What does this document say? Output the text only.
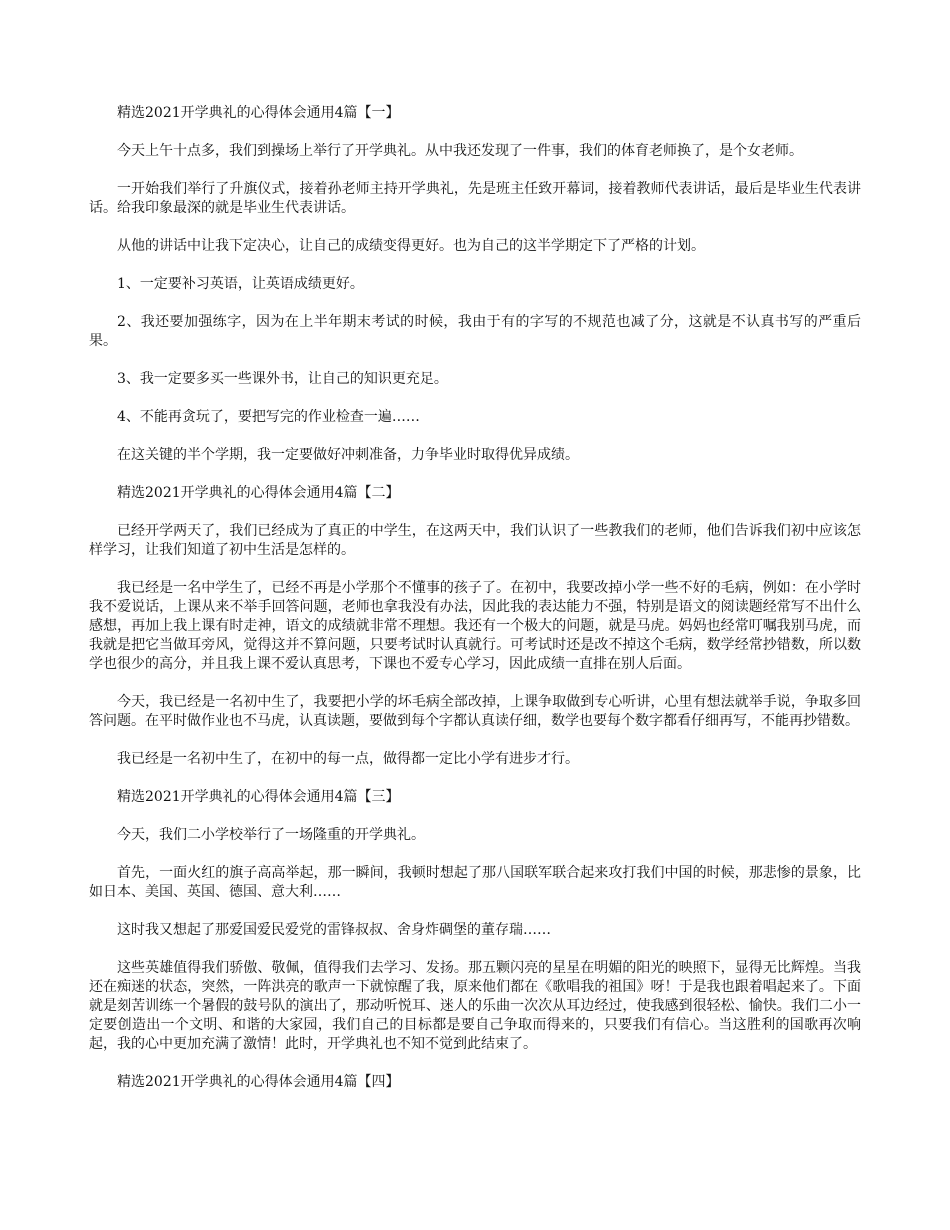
精选2021开学典礼的心得体会通用4篇【一】

今天上午十点多，我们到操场上举行了开学典礼。从中我还发现了一件事，我们的体育老师换了，是个女老师。

一开始我们举行了升旗仪式，接着孙老师主持开学典礼，先是班主任致开幕词，接着教师代表讲话，最后是毕业生代表讲话。给我印象最深的就是毕业生代表讲话。

从他的讲话中让我下定决心，让自己的成绩变得更好。也为自己的这半学期定下了严格的计划。

1、一定要补习英语，让英语成绩更好。

2、我还要加强练字，因为在上半年期末考试的时候，我由于有的字写的不规范也减了分，这就是不认真书写的严重后果。

3、我一定要多买一些课外书，让自己的知识更充足。

4、不能再贪玩了，要把写完的作业检查一遍……

在这关键的半个学期，我一定要做好冲刺准备，力争毕业时取得优异成绩。

精选2021开学典礼的心得体会通用4篇【二】

已经开学两天了，我们已经成为了真正的中学生，在这两天中，我们认识了一些教我们的老师，他们告诉我们初中应该怎样学习，让我们知道了初中生活是怎样的。

我已经是一名中学生了，已经不再是小学那个不懂事的孩子了。在初中，我要改掉小学一些不好的毛病，例如：在小学时我不爱说话，上课从来不举手回答问题，老师也拿我没有办法，因此我的表达能力不强，特别是语文的阅读题经常写不出什么感想，再加上我上课有时走神，语文的成绩就非常不理想。我还有一个极大的问题，就是马虎。妈妈也经常叮嘱我别马虎，而我就是把它当做耳旁风，觉得这并不算问题，只要考试时认真就行。可考试时还是改不掉这个毛病，数学经常抄错数，所以数学也很少的高分，并且我上课不爱认真思考，下课也不爱专心学习，因此成绩一直排在别人后面。

今天，我已经是一名初中生了，我要把小学的坏毛病全部改掉，上课争取做到专心听讲，心里有想法就举手说，争取多回答问题。在平时做作业也不马虎，认真读题，要做到每个字都认真读仔细，数学也要每个数字都看仔细再写，不能再抄错数。

我已经是一名初中生了，在初中的每一点，做得都一定比小学有进步才行。

精选2021开学典礼的心得体会通用4篇【三】

今天，我们二小学校举行了一场隆重的开学典礼。

首先，一面火红的旗子高高举起，那一瞬间，我顿时想起了那八国联军联合起来攻打我们中国的时候，那悲惨的景象，比如日本、美国、英国、德国、意大利……

这时我又想起了那爱国爱民爱党的雷锋叔叔、舍身炸碉堡的董存瑞……

这些英雄值得我们骄傲、敬佩，值得我们去学习、发扬。那五颗闪亮的星星在明媚的阳光的映照下，显得无比辉煌。当我还在痴迷的状态，突然，一阵洪亮的歌声一下就惊醒了我，原来他们都在《歌唱我的祖国》呀！于是我也跟着唱起来了。下面就是刻苦训练一个暑假的鼓号队的演出了，那动听悦耳、迷人的乐曲一次次从耳边经过，使我感到很轻松、愉快。我们二小一定要创造出一个文明、和谐的大家园，我们自己的目标都是要自己争取而得来的，只要我们有信心。当这胜利的国歌再次响起，我的心中更加充满了激情！此时，开学典礼也不知不觉到此结束了。

精选2021开学典礼的心得体会通用4篇【四】
